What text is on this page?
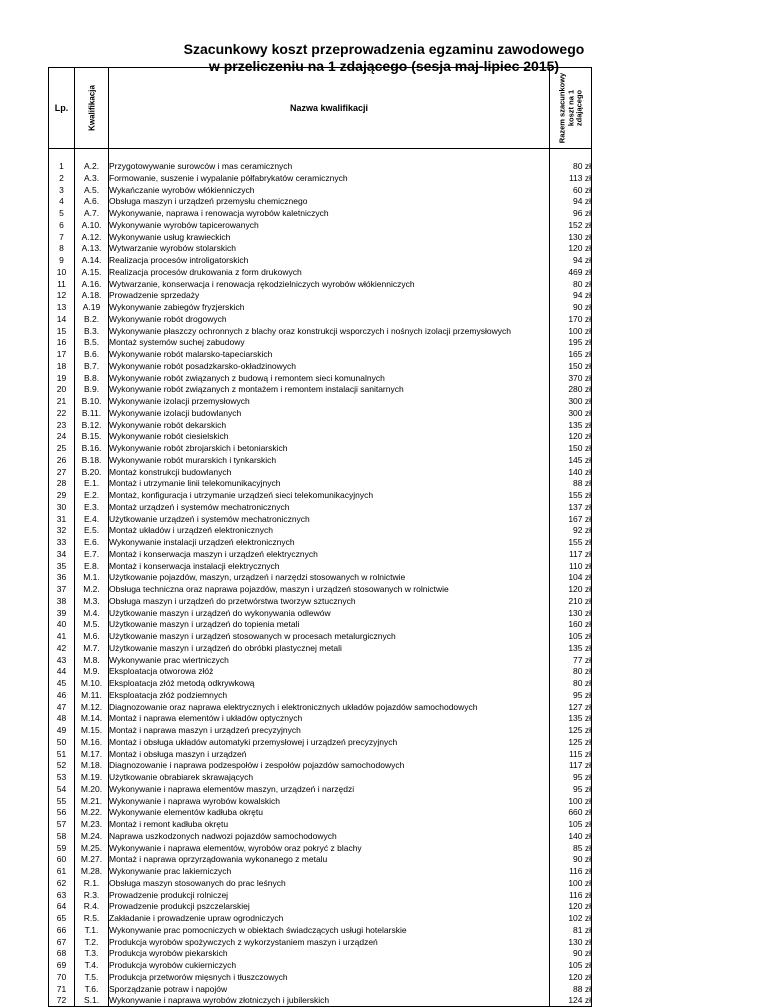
Szacunkowy koszt przeprowadzenia egzaminu zawodowego
w przeliczeniu na 1 zdającego (sesja maj-lipiec 2015)
Lp.	Kwalifikacja	Nazwa kwalifikacji	Razem szacunkowy koszt na 1 zdającego

1	A.2.	Przygotowywanie surowców i mas ceramicznych	80 zł
2	A.3.	Formowanie, suszenie i wypalanie półfabrykatów ceramicznych	113 zł
3	A.5.	Wykańczanie wyrobów włókienniczych	60 zł
4	A.6.	Obsługa maszyn i urządzeń przemysłu chemicznego	94 zł
5	A.7.	Wykonywanie, naprawa i renowacja wyrobów kaletniczych	96 zł
6	A.10.	Wykonywanie wyrobów tapicerowanych	152 zł
7	A.12.	Wykonywanie usług krawieckich	130 zł
8	A.13.	Wytwarzanie wyrobów stolarskich	120 zł
9	A.14.	Realizacja procesów introligatorskich	94 zł
10	A.15.	Realizacja procesów drukowania z form drukowych	469 zł
11	A.16.	Wytwarzanie, konserwacja i renowacja rękodzielniczych wyrobów włókienniczych	80 zł
12	A.18.	Prowadzenie sprzedaży	94 zł
13	A.19	Wykonywanie zabiegów fryzjerskich	90 zł
14	B.2.	Wykonywanie robót drogowych	170 zł
15	B.3.	Wykonywanie płaszczy ochronnych z blachy oraz konstrukcji wsporczych i nośnych izolacji przemysłowych	100 zł
16	B.5.	Montaż systemów suchej zabudowy	195 zł
17	B.6.	Wykonywanie robót malarsko-tapeciarskich	165 zł
18	B.7.	Wykonywanie robót posadzkarsko-okładzinowych	150 zł
19	B.8.	Wykonywanie robót związanych z budową i remontem sieci komunalnych	370 zł
20	B.9.	Wykonywanie robót związanych z montażem i remontem instalacji sanitarnych	280 zł
21	B.10.	Wykonywanie izolacji przemysłowych	300 zł
22	B.11.	Wykonywanie izolacji budowlanych	300 zł
23	B.12.	Wykonywanie robót dekarskich	135 zł
24	B.15.	Wykonywanie robót ciesielskich	120 zł
25	B.16.	Wykonywanie robót zbrojarskich i betoniarskich	150 zł
26	B.18.	Wykonywanie robót murarskich i tynkarskich	145 zł
27	B.20.	Montaż konstrukcji budowlanych	140 zł
28	E.1.	Montaż i utrzymanie linii telekomunikacyjnych	88 zł
29	E.2.	Montaż, konfiguracja i utrzymanie urządzeń sieci telekomunikacyjnych	155 zł
30	E.3.	Montaż urządzeń i systemów mechatronicznych	137 zł
31	E.4.	Użytkowanie urządzeń i systemów mechatronicznych	167 zł
32	E.5.	Montaż układów i urządzeń elektronicznych	92 zł
33	E.6.	Wykonywanie instalacji urządzeń elektronicznych	155 zł
34	E.7.	Montaż i konserwacja maszyn i urządzeń elektrycznych	117 zł
35	E.8.	Montaż i konserwacja instalacji elektrycznych	110 zł
36	M.1.	Użytkowanie pojazdów, maszyn, urządzeń i narzędzi stosowanych w rolnictwie	104 zł
37	M.2.	Obsługa techniczna oraz naprawa pojazdów, maszyn i urządzeń stosowanych w rolnictwie	120 zł
38	M.3.	Obsługa maszyn i urządzeń do przetwórstwa tworzyw sztucznych	210 zł
39	M.4.	Użytkowanie maszyn i urządzeń do wykonywania odlewów	130 zł
40	M.5.	Użytkowanie maszyn i urządzeń do topienia metali	160 zł
41	M.6.	Użytkowanie maszyn i urządzeń stosowanych w procesach metalurgicznych	105 zł
42	M.7.	Użytkowanie maszyn i urządzeń do obróbki plastycznej metali	135 zł
43	M.8.	Wykonywanie prac wiertniczych	77 zł
44	M.9.	Eksploatacja otworowa złóż	80 zł
45	M.10.	Eksploatacja złóż metodą odkrywkową	80 zł
46	M.11.	Eksploatacja złóż podziemnych	95 zł
47	M.12.	Diagnozowanie oraz naprawa elektrycznych i elektronicznych układów pojazdów samochodowych	127 zł
48	M.14.	Montaż i naprawa elementów i układów optycznych	135 zł
49	M.15.	Montaż i naprawa maszyn i urządzeń precyzyjnych	125 zł
50	M.16.	Montaż i obsługa układów automatyki przemysłowej i urządzeń precyzyjnych	125 zł
51	M.17.	Montaż i obsługa maszyn i urządzeń	115 zł
52	M.18.	Diagnozowanie i naprawa podzespołów i zespołów pojazdów samochodowych	117 zł
53	M.19.	Użytkowanie obrabiarek skrawających	95 zł
54	M.20.	Wykonywanie i naprawa elementów maszyn, urządzeń i narzędzi	95 zł
55	M.21.	Wykonywanie i naprawa wyrobów kowalskich	100 zł
56	M.22.	Wykonywanie elementów kadłuba okrętu	660 zł
57	M.23.	Montaż i remont kadłuba okrętu	105 zł
58	M.24.	Naprawa uszkodzonych nadwozi pojazdów samochodowych	140 zł
59	M.25.	Wykonywanie i naprawa elementów, wyrobów oraz pokryć z blachy	85 zł
60	M.27.	Montaż i naprawa oprzyrządowania wykonanego z metalu	90 zł
61	M.28.	Wykonywanie prac lakierniczych	116 zł
62	R.1.	Obsługa maszyn stosowanych do prac leśnych	100 zł
63	R.3.	Prowadzenie produkcji rolniczej	116 zł
64	R.4.	Prowadzenie produkcji pszczelarskiej	120 zł
65	R.5.	Zakładanie i prowadzenie upraw ogrodniczych	102 zł
66	T.1.	Wykonywanie prac pomocniczych w obiektach świadczących usługi hotelarskie	81 zł
67	T.2.	Produkcja wyrobów spożywczych z wykorzystaniem maszyn i urządzeń	130 zł
68	T.3.	Produkcja wyrobów piekarskich	90 zł
69	T.4.	Produkcja wyrobów cukierniczych	105 zł
70	T.5.	Produkcja przetworów mięsnych i tłuszczowych	120 zł
71	T.6.	Sporządzanie potraw i napojów	88 zł
72	S.1.	Wykonywanie i naprawa wyrobów złotniczych i jubilerskich	124 zł
